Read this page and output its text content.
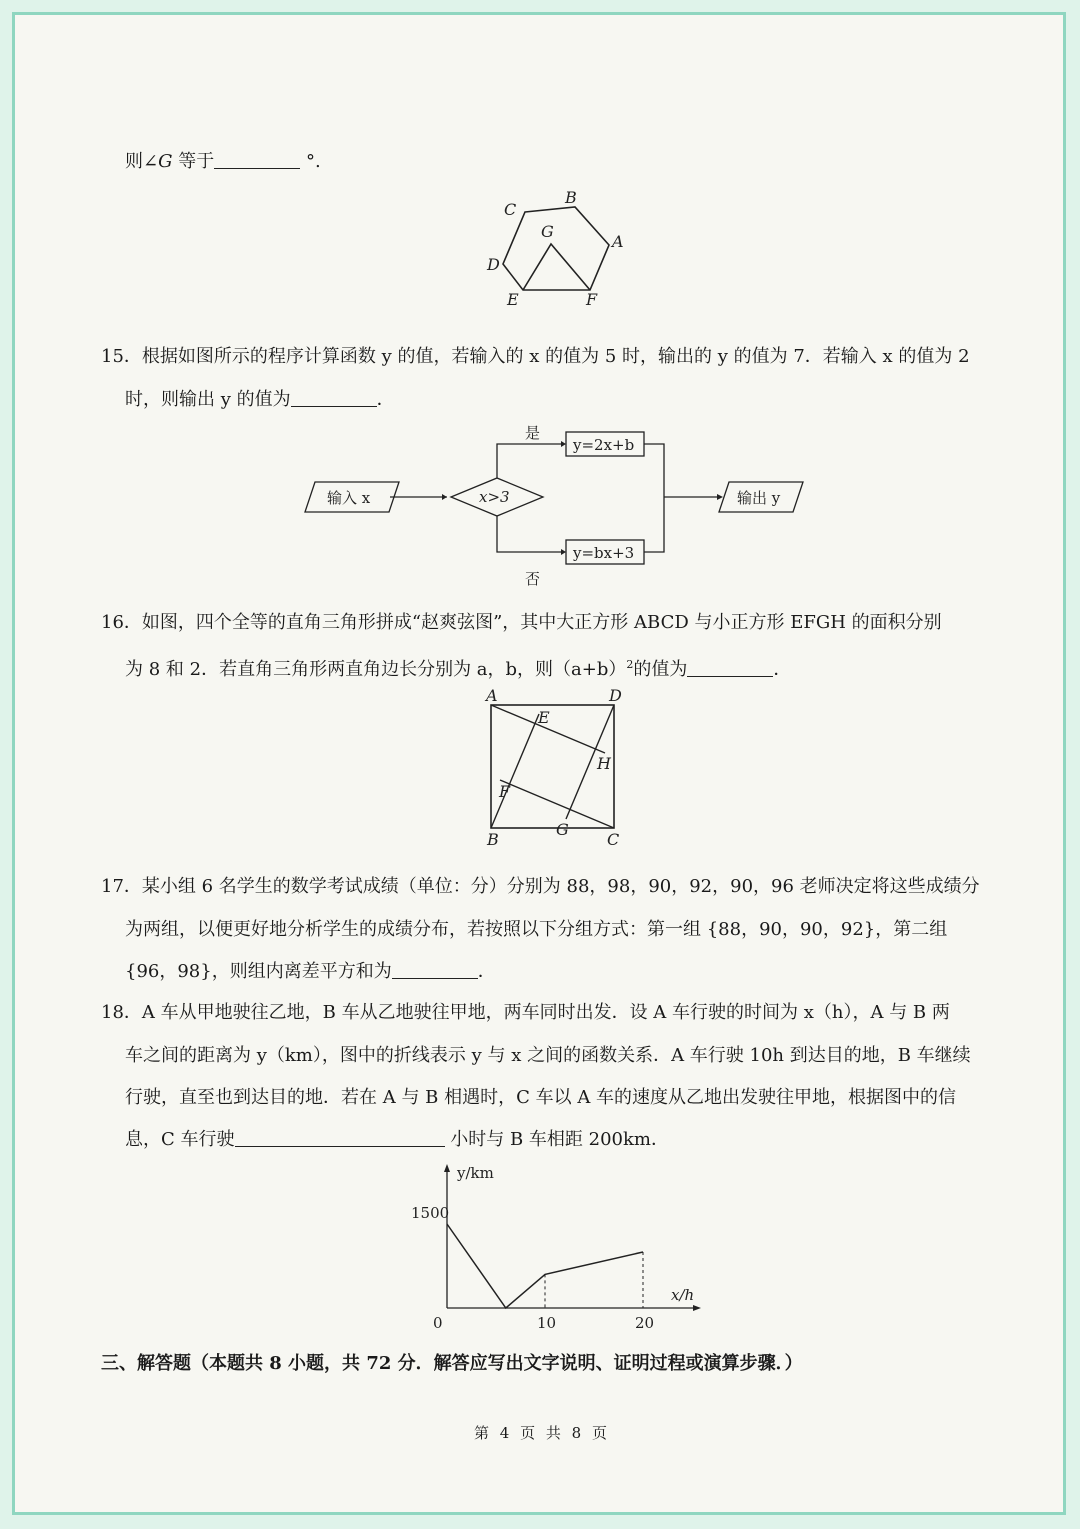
则∠G 等于	°.
B
A
C
D
E	F
G
15．根据如图所示的程序计算函数 y 的值，若输入的 x 的值为 5 时，输出的 y 的值为 7．若输入 x 的值为 2
时，则输出 y 的值为	．
输入 x	x>3
是
y=2x+b
否
y=bx+3
输出 y
16．如图，四个全等的直角三角形拼成“赵爽弦图”，其中大正方形 ABCD 与小正方形 EFGH 的面积分别
为 8 和 2．若直角三角形两直角边长分别为 a，b，则$(a+b)^2$的值为	．
A	D
E
H
F
G
B	C
17．某小组 6 名学生的数学考试成绩（单位：分）分别为 88，98，90，92，90，96 老师决定将这些成绩分
为两组，以便更好地分析学生的成绩分布，若按照以下分组方式：第一组 {88，90，90，92}，第二组
{96，98}，则组内离差平方和为	．
18．A 车从甲地驶往乙地，B 车从乙地驶往甲地，两车同时出发．设 A 车行驶的时间为 x（h），A 与 B 两
车之间的距离为 y（km），图中的折线表示 y 与 x 之间的函数关系．A 车行驶 10h 到达目的地，B 车继续
行驶，直至也到达目的地．若在 A 与 B 相遇时，C 车以 A 车的速度从乙地出发驶往甲地，根据图中的信
息，C 车行驶	小时与 B 车相距 200km．
y/km
x/h
1500
0	10	20
三、解答题（本题共 8 小题，共 72 分．解答应写出文字说明、证明过程或演算步骤．）
第 4 页 共 8 页
